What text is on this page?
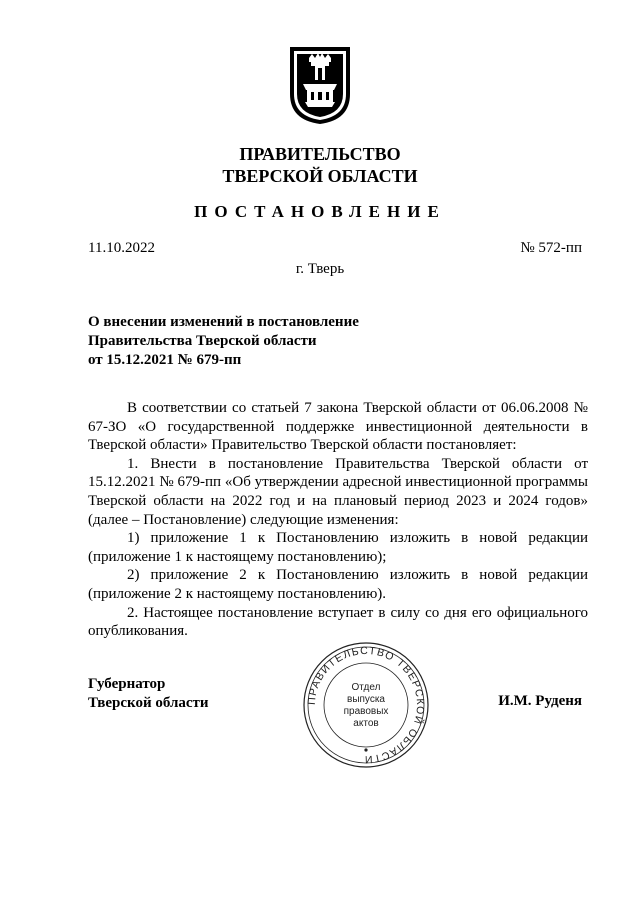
ПРАВИТЕЛЬСТВО
ТВЕРСКОЙ ОБЛАСТИ
ПОСТАНОВЛЕНИЕ
11.10.2022	№ 572-пп
г. Тверь
О внесении изменений в постановление
Правительства Тверской области
от 15.12.2021 № 679-пп

В соответствии со статьей 7 закона Тверской области от 06.06.2008 № 67-ЗО «О государственной поддержке инвестиционной деятельности в Тверской области» Правительство Тверской области постановляет:

1. Внести в постановление Правительства Тверской области от 15.12.2021 № 679-пп «Об утверждении адресной инвестиционной программы Тверской области на 2022 год и на плановый период 2023 и 2024 годов» (далее – Постановление) следующие изменения:

1) приложение 1 к Постановлению изложить в новой редакции (приложение 1 к настоящему постановлению);

2) приложение 2 к Постановлению изложить в новой редакции (приложение 2 к настоящему постановлению).

2. Настоящее постановление вступает в силу со дня его официального опубликования.

Губернатор
Тверской области	И.М. Руденя
ПРАВИТЕЛЬСТВО ТВЕРСКОЙ ОБЛАСТИ
Отдел
выпуска
правовых
актов
